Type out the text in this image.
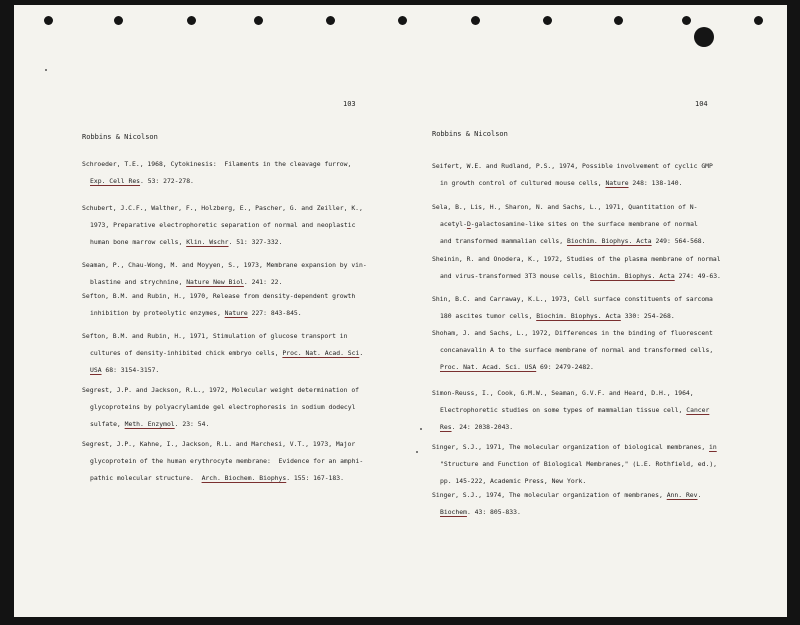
103
Robbins & Nicolson
Schroeder, T.E., 1968, Cytokinesis:  Filaments in the cleavage furrow,
Exp. Cell Res. 53: 272-278.
Schubert, J.C.F., Walther, F., Holzberg, E., Pascher, G. and Zeiller, K.,
1973, Preparative electrophoretic separation of normal and neoplastic
human bone marrow cells, Klin. Wschr. 51: 327-332.
Seaman, P., Chau-Wong, M. and Moyyen, S., 1973, Membrane expansion by vin-
blastine and strychnine, Nature New Biol. 241: 22.
Sefton, B.M. and Rubin, H., 1970, Release from density-dependent growth
inhibition by proteolytic enzymes, Nature 227: 843-845.
Sefton, B.M. and Rubin, H., 1971, Stimulation of glucose transport in
cultures of density-inhibited chick embryo cells, Proc. Nat. Acad. Sci.
USA 68: 3154-3157.
Segrest, J.P. and Jackson, R.L., 1972, Molecular weight determination of
glycoproteins by polyacrylamide gel electrophoresis in sodium dodecyl
sulfate, Meth. Enzymol. 23: 54.
Segrest, J.P., Kahne, I., Jackson, R.L. and Marchesi, V.T., 1973, Major
glycoprotein of the human erythrocyte membrane:  Evidence for an amphi-
pathic molecular structure.  Arch. Biochem. Biophys. 155: 167-183.
104
Robbins & Nicolson
Seifert, W.E. and Rudland, P.S., 1974, Possible involvement of cyclic GMP
in growth control of cultured mouse cells, Nature 248: 138-140.
Sela, B., Lis, H., Sharon, N. and Sachs, L., 1971, Quantitation of N-
acetyl-D-galactosamine-like sites on the surface membrane of normal
and transformed mammalian cells, Biochim. Biophys. Acta 249: 564-568.
Sheinin, R. and Onodera, K., 1972, Studies of the plasma membrane of normal
and virus-transformed 3T3 mouse cells, Biochim. Biophys. Acta 274: 49-63.
Shin, B.C. and Carraway, K.L., 1973, Cell surface constituents of sarcoma
180 ascites tumor cells, Biochim. Biophys. Acta 330: 254-268.
Shoham, J. and Sachs, L., 1972, Differences in the binding of fluorescent
concanavalin A to the surface membrane of normal and transformed cells,
Proc. Nat. Acad. Sci. USA 69: 2479-2482.
Simon-Reuss, I., Cook, G.M.W., Seaman, G.V.F. and Heard, D.H., 1964,
Electrophoretic studies on some types of mammalian tissue cell, Cancer
Res. 24: 2038-2043.
Singer, S.J., 1971, The molecular organization of biological membranes, in
"Structure and Function of Biological Membranes," (L.E. Rothfield, ed.),
pp. 145-222, Academic Press, New York.
Singer, S.J., 1974, The molecular organization of membranes, Ann. Rev.
Biochem. 43: 805-833.
